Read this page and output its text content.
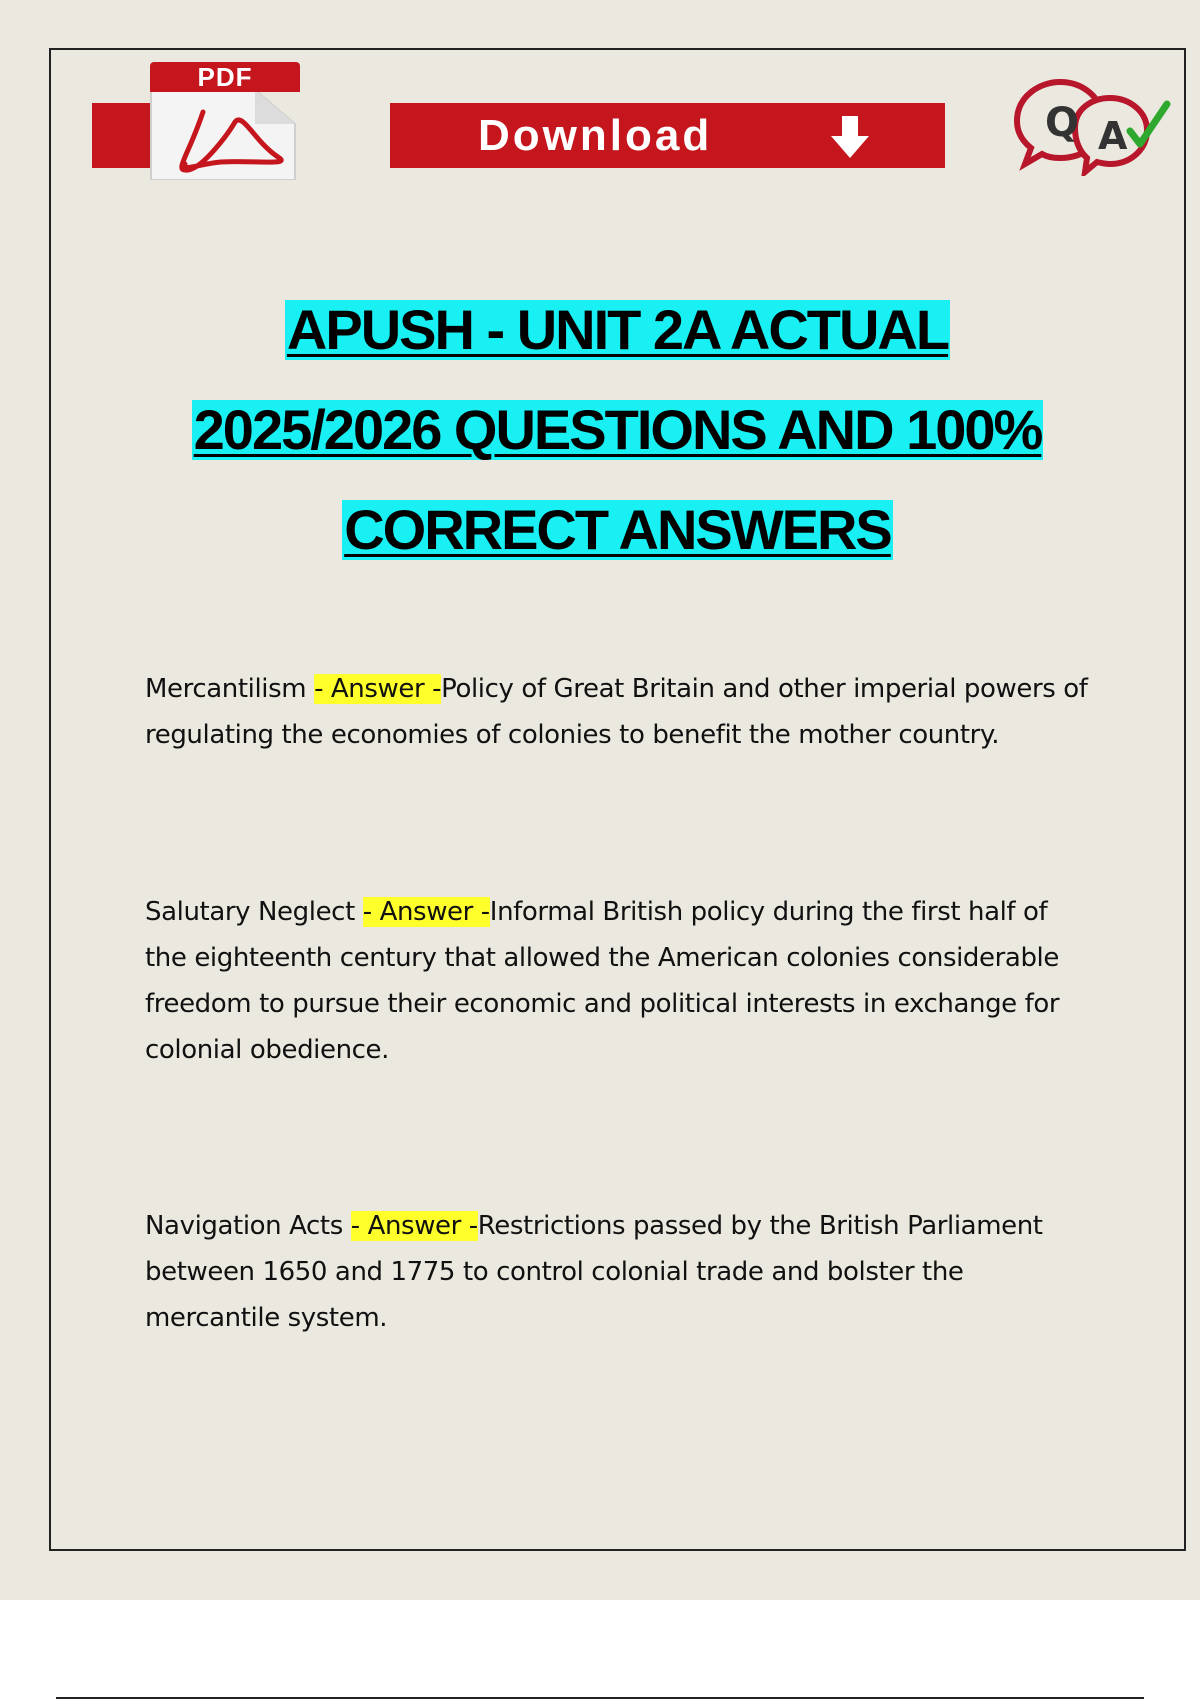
PDF
Download	Q A
APUSH - UNIT 2A ACTUAL
2025/2026 QUESTIONS AND 100%
CORRECT ANSWERS
Mercantilism - Answer -Policy of Great Britain and other imperial powers of regulating the economies of colonies to benefit the mother country.
Salutary Neglect - Answer -Informal British policy during the first half of the eighteenth century that allowed the American colonies considerable freedom to pursue their economic and political interests in exchange for colonial obedience.
Navigation Acts - Answer -Restrictions passed by the British Parliament between 1650 and 1775 to control colonial trade and bolster the mercantile system.
